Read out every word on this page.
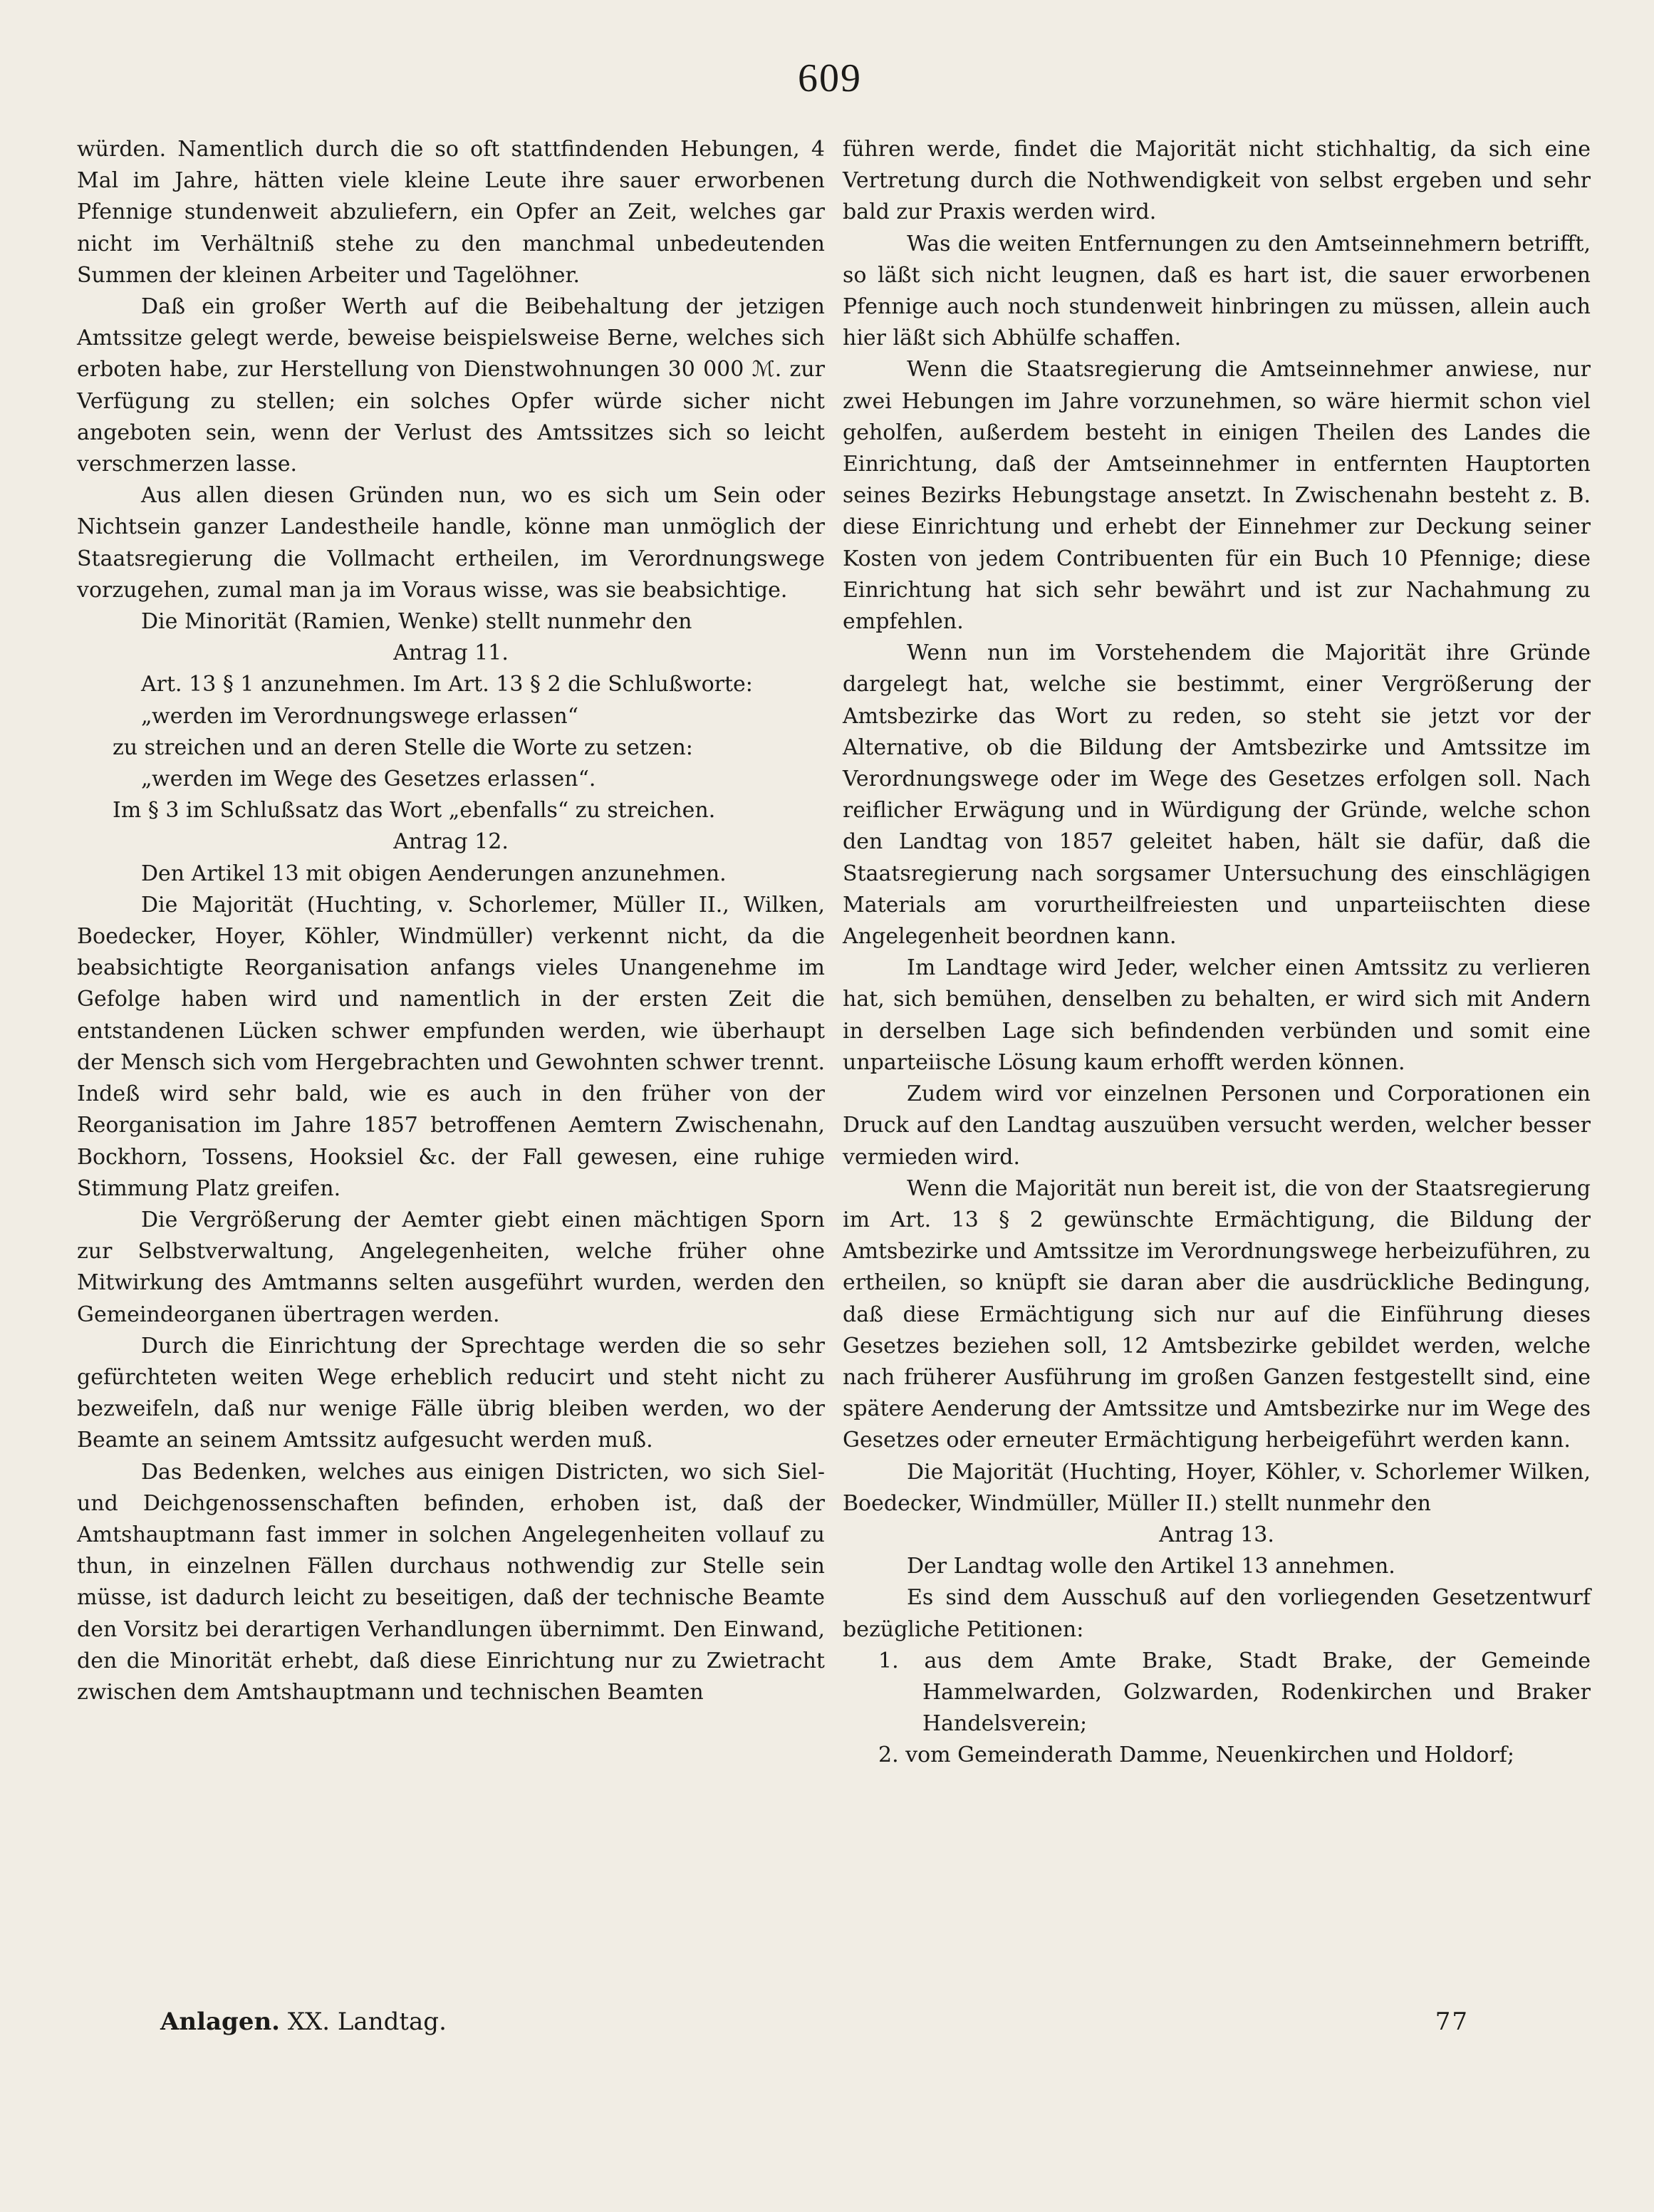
609

würden. Namentlich durch die so oft stattfindenden Hebungen, 4 Mal im Jahre, hätten viele kleine Leute ihre sauer erworbenen Pfennige stundenweit abzuliefern, ein Opfer an Zeit, welches gar nicht im Verhältniß stehe zu den manchmal unbedeutenden Summen der kleinen Arbeiter und Tagelöhner.

Daß ein großer Werth auf die Beibehaltung der jetzigen Amtssitze gelegt werde, beweise beispielsweise Berne, welches sich erboten habe, zur Herstellung von Dienstwohnungen 30 000 ℳ. zur Verfügung zu stellen; ein solches Opfer würde sicher nicht angeboten sein, wenn der Verlust des Amtssitzes sich so leicht verschmerzen lasse.

Aus allen diesen Gründen nun, wo es sich um Sein oder Nichtsein ganzer Landestheile handle, könne man unmöglich der Staatsregierung die Vollmacht ertheilen, im Verordnungswege vorzugehen, zumal man ja im Voraus wisse, was sie beabsichtige.

Die Minorität (Ramien, Wenke) stellt nunmehr den

Antrag 11.

Art. 13 § 1 anzunehmen. Im Art. 13 § 2 die Schlußworte:

„werden im Verordnungswege erlassen“

zu streichen und an deren Stelle die Worte zu setzen:

„werden im Wege des Gesetzes erlassen“.

Im § 3 im Schlußsatz das Wort „ebenfalls“ zu streichen.

Antrag 12.

Den Artikel 13 mit obigen Aenderungen anzunehmen.

Die Majorität (Huchting, v. Schorlemer, Müller II., Wilken, Boedecker, Hoyer, Köhler, Windmüller) verkennt nicht, da die beabsichtigte Reorganisation anfangs vieles Unangenehme im Gefolge haben wird und namentlich in der ersten Zeit die entstandenen Lücken schwer empfunden werden, wie überhaupt der Mensch sich vom Hergebrachten und Gewohnten schwer trennt. Indeß wird sehr bald, wie es auch in den früher von der Reorganisation im Jahre 1857 betroffenen Aemtern Zwischenahn, Bockhorn, Tossens, Hooksiel &c. der Fall gewesen, eine ruhige Stimmung Platz greifen.

Die Vergrößerung der Aemter giebt einen mächtigen Sporn zur Selbstverwaltung, Angelegenheiten, welche früher ohne Mitwirkung des Amtmanns selten ausgeführt wurden, werden den Gemeindeorganen übertragen werden.

Durch die Einrichtung der Sprechtage werden die so sehr gefürchteten weiten Wege erheblich reducirt und steht nicht zu bezweifeln, daß nur wenige Fälle übrig bleiben werden, wo der Beamte an seinem Amtssitz aufgesucht werden muß.

Das Bedenken, welches aus einigen Districten, wo sich Siel- und Deichgenossenschaften befinden, erhoben ist, daß der Amtshauptmann fast immer in solchen Angelegenheiten vollauf zu thun, in einzelnen Fällen durchaus nothwendig zur Stelle sein müsse, ist dadurch leicht zu beseitigen, daß der technische Beamte den Vorsitz bei derartigen Verhandlungen übernimmt. Den Einwand, den die Minorität erhebt, daß diese Einrichtung nur zu Zwietracht zwischen dem Amtshauptmann und technischen Beamten

führen werde, findet die Majorität nicht stichhaltig, da sich eine Vertretung durch die Nothwendigkeit von selbst ergeben und sehr bald zur Praxis werden wird.

Was die weiten Entfernungen zu den Amtseinnehmern betrifft, so läßt sich nicht leugnen, daß es hart ist, die sauer erworbenen Pfennige auch noch stundenweit hinbringen zu müssen, allein auch hier läßt sich Abhülfe schaffen.

Wenn die Staatsregierung die Amtseinnehmer anwiese, nur zwei Hebungen im Jahre vorzunehmen, so wäre hiermit schon viel geholfen, außerdem besteht in einigen Theilen des Landes die Einrichtung, daß der Amtseinnehmer in entfernten Hauptorten seines Bezirks Hebungstage ansetzt. In Zwischenahn besteht z. B. diese Einrichtung und erhebt der Einnehmer zur Deckung seiner Kosten von jedem Contribuenten für ein Buch 10 Pfennige; diese Einrichtung hat sich sehr bewährt und ist zur Nachahmung zu empfehlen.

Wenn nun im Vorstehendem die Majorität ihre Gründe dargelegt hat, welche sie bestimmt, einer Vergrößerung der Amtsbezirke das Wort zu reden, so steht sie jetzt vor der Alternative, ob die Bildung der Amtsbezirke und Amtssitze im Verordnungswege oder im Wege des Gesetzes erfolgen soll. Nach reiflicher Erwägung und in Würdigung der Gründe, welche schon den Landtag von 1857 geleitet haben, hält sie dafür, daß die Staatsregierung nach sorgsamer Untersuchung des einschlägigen Materials am vorurtheilfreiesten und unparteiischten diese Angelegenheit beordnen kann.

Im Landtage wird Jeder, welcher einen Amtssitz zu verlieren hat, sich bemühen, denselben zu behalten, er wird sich mit Andern in derselben Lage sich befindenden verbünden und somit eine unparteiische Lösung kaum erhofft werden können.

Zudem wird vor einzelnen Personen und Corporationen ein Druck auf den Landtag auszuüben versucht werden, welcher besser vermieden wird.

Wenn die Majorität nun bereit ist, die von der Staatsregierung im Art. 13 § 2 gewünschte Ermächtigung, die Bildung der Amtsbezirke und Amtssitze im Verordnungswege herbeizuführen, zu ertheilen, so knüpft sie daran aber die ausdrückliche Bedingung, daß diese Ermächtigung sich nur auf die Einführung dieses Gesetzes beziehen soll, 12 Amtsbezirke gebildet werden, welche nach früherer Ausführung im großen Ganzen festgestellt sind, eine spätere Aenderung der Amtssitze und Amtsbezirke nur im Wege des Gesetzes oder erneuter Ermächtigung herbeigeführt werden kann.

Die Majorität (Huchting, Hoyer, Köhler, v. Schorlemer Wilken, Boedecker, Windmüller, Müller II.) stellt nunmehr den

Antrag 13.

Der Landtag wolle den Artikel 13 annehmen.

Es sind dem Ausschuß auf den vorliegenden Gesetzentwurf bezügliche Petitionen:

1. aus dem Amte Brake, Stadt Brake, der Gemeinde Hammelwarden, Golzwarden, Rodenkirchen und Braker Handelsverein;

2. vom Gemeinderath Damme, Neuenkirchen und Holdorf;

Anlagen. XX. Landtag.	77
